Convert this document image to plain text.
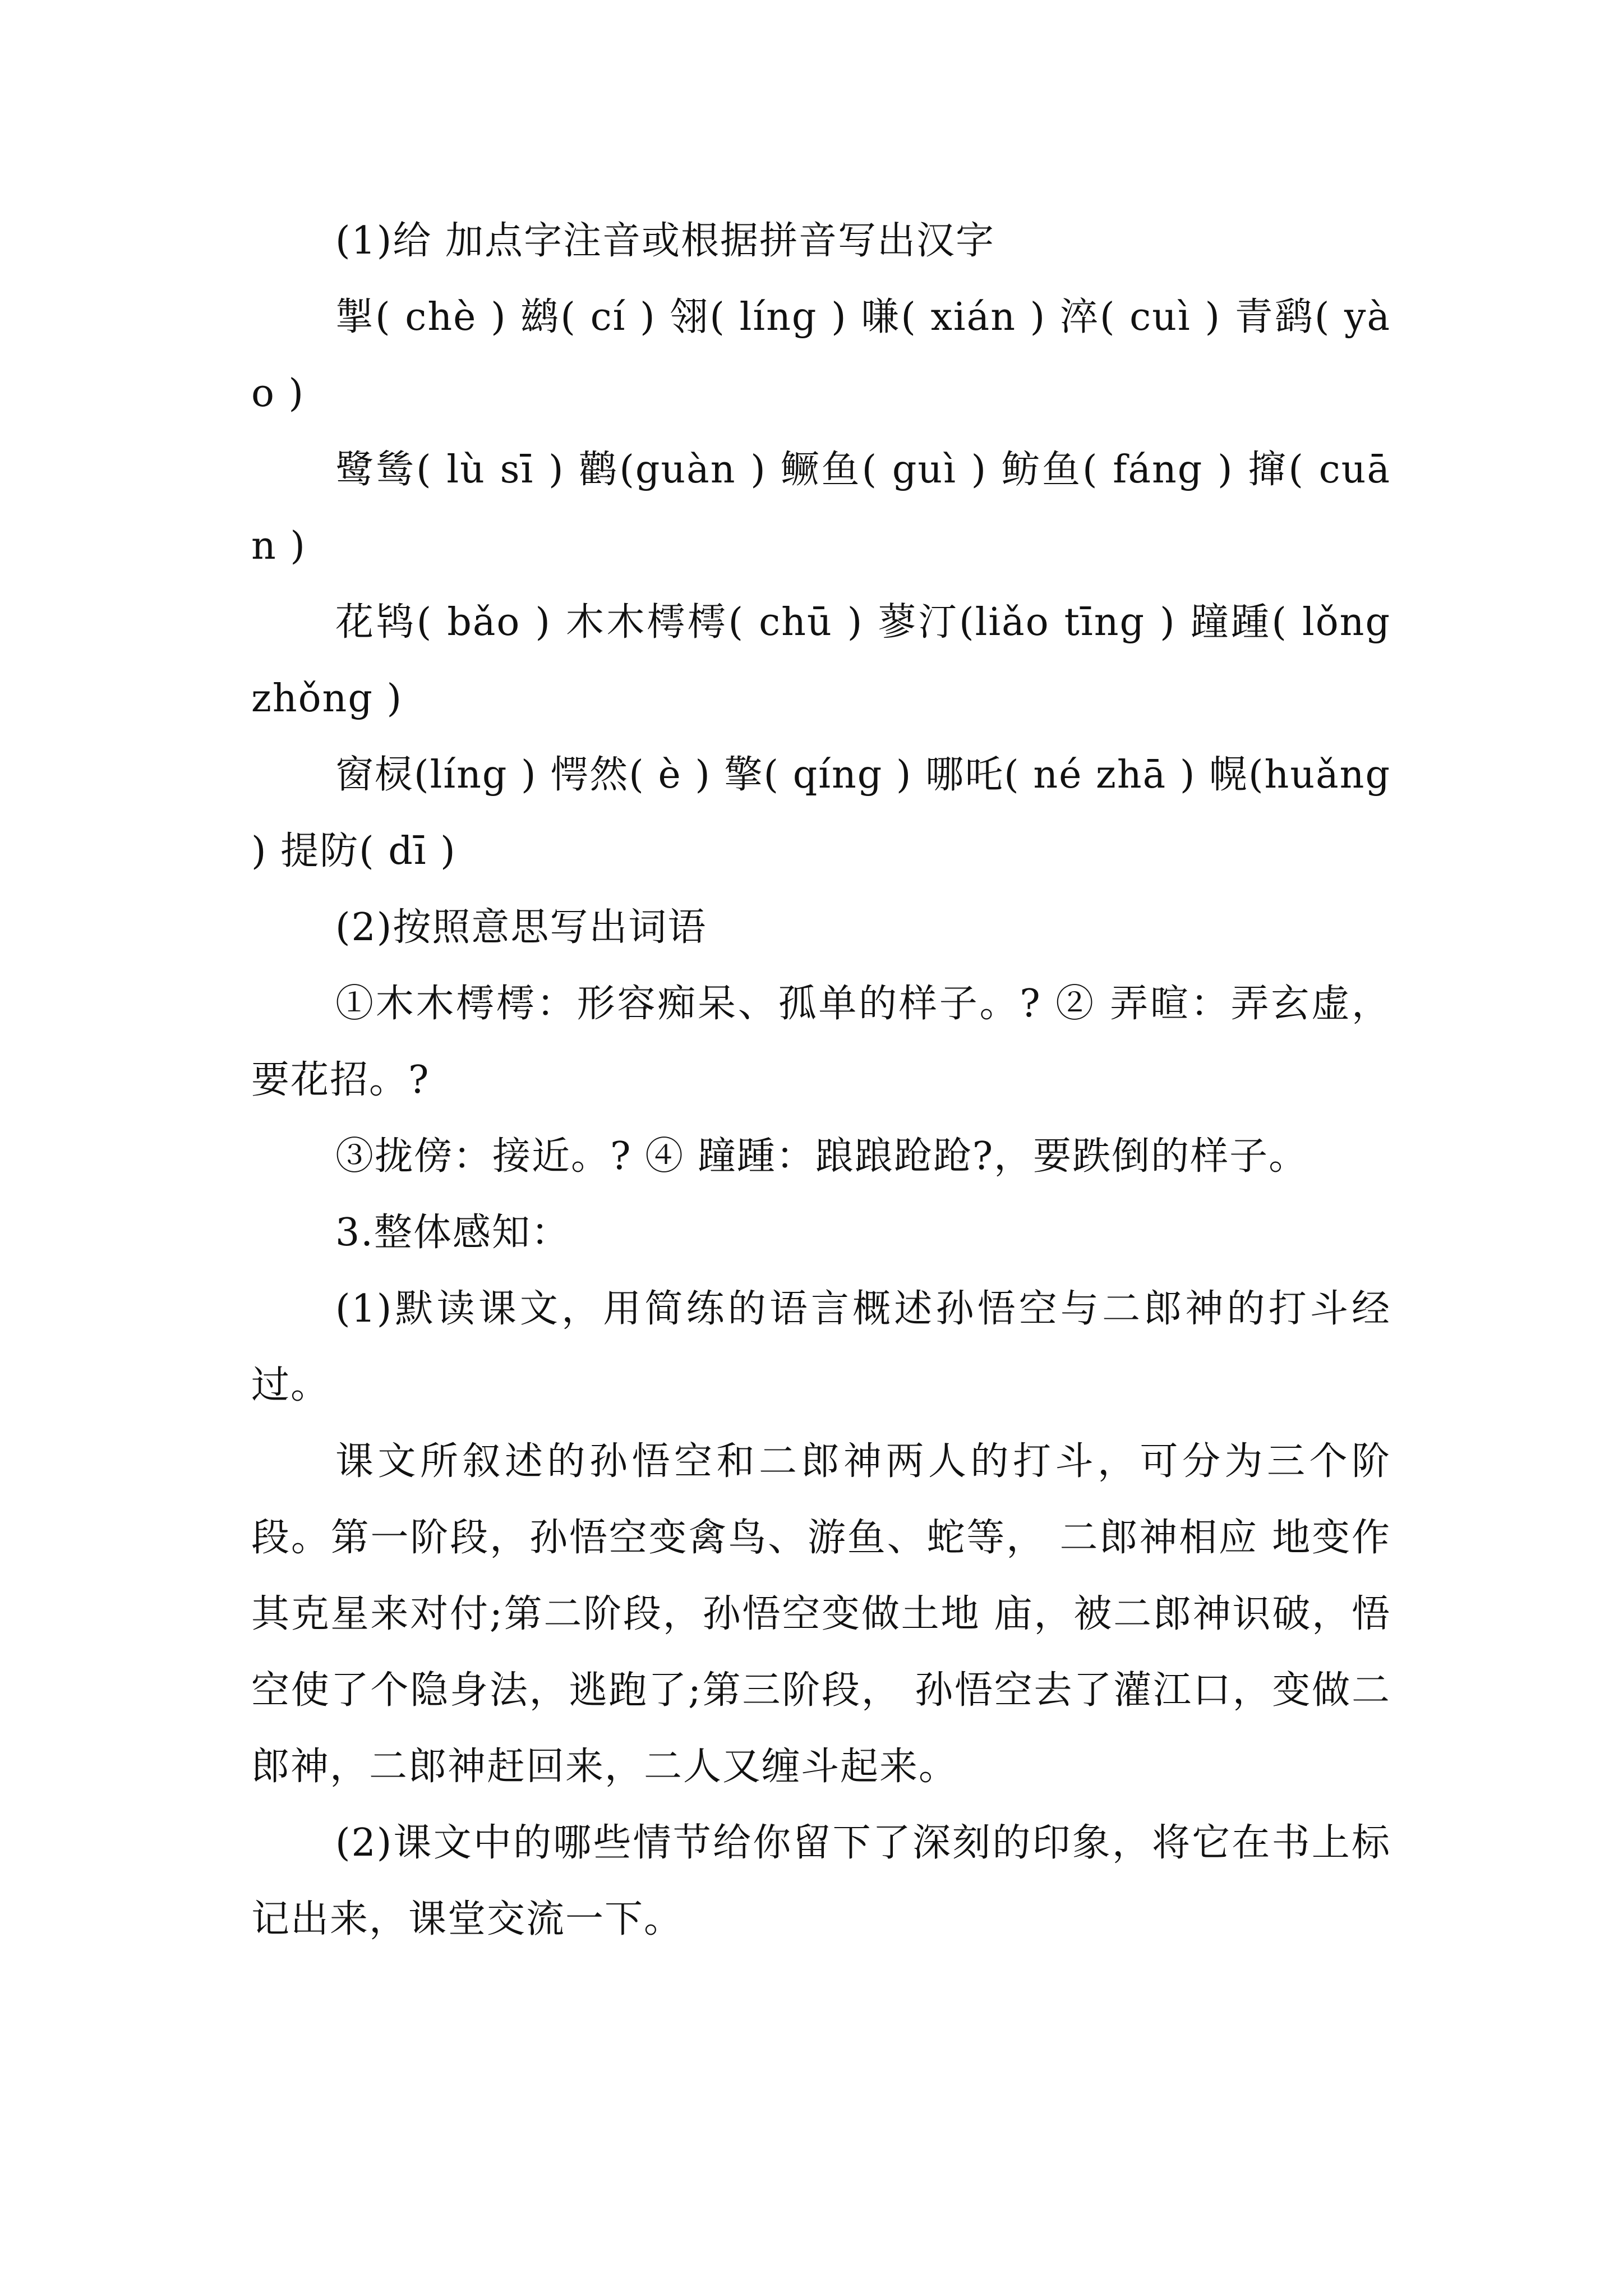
(1)给 加点字注音或根据拼音写出汉字

掣( chè ) 鹚( cí ) 翎( líng ) 嗛( xián ) 淬( cuì ) 青鹞( yào )

鹭鸶( lù sī ) 鹳(guàn ) 鳜鱼( guì ) 鲂鱼( fáng ) 撺( cuān )

花鸨( bǎo ) 木木樗樗( chū ) 蓼汀(liǎo tīng ) 蹱踵( lǒng zhǒng )

窗棂(líng ) 愕然( è ) 擎( qíng ) 哪吒( né zhā ) 幌(huǎng ) 提防( dī )

(2)按照意思写出词语

①木木樗樗：形容痴呆、孤单的样子。? ② 弄暄：弄玄虚，要花招。?

③拢傍：接近。? ④ 蹱踵：踉踉跄跄?，要跌倒的样子。

3.整体感知：

(1)默读课文，用简练的语言概述孙悟空与二郎神的打斗经过。

课文所叙述的孙悟空和二郎神两人的打斗，可分为三个阶段。第一阶段，孙悟空变禽鸟、游鱼、蛇等， 二郎神相应 地变作其克星来对付;第二阶段，孙悟空变做土地 庙，被二郎神识破，悟空使了个隐身法，逃跑了;第三阶段， 孙悟空去了灌江口，变做二郎神，二郎神赶回来，二人又缠斗起来。

(2)课文中的哪些情节给你留下了深刻的印象，将它在书上标记出来，课堂交流一下。
